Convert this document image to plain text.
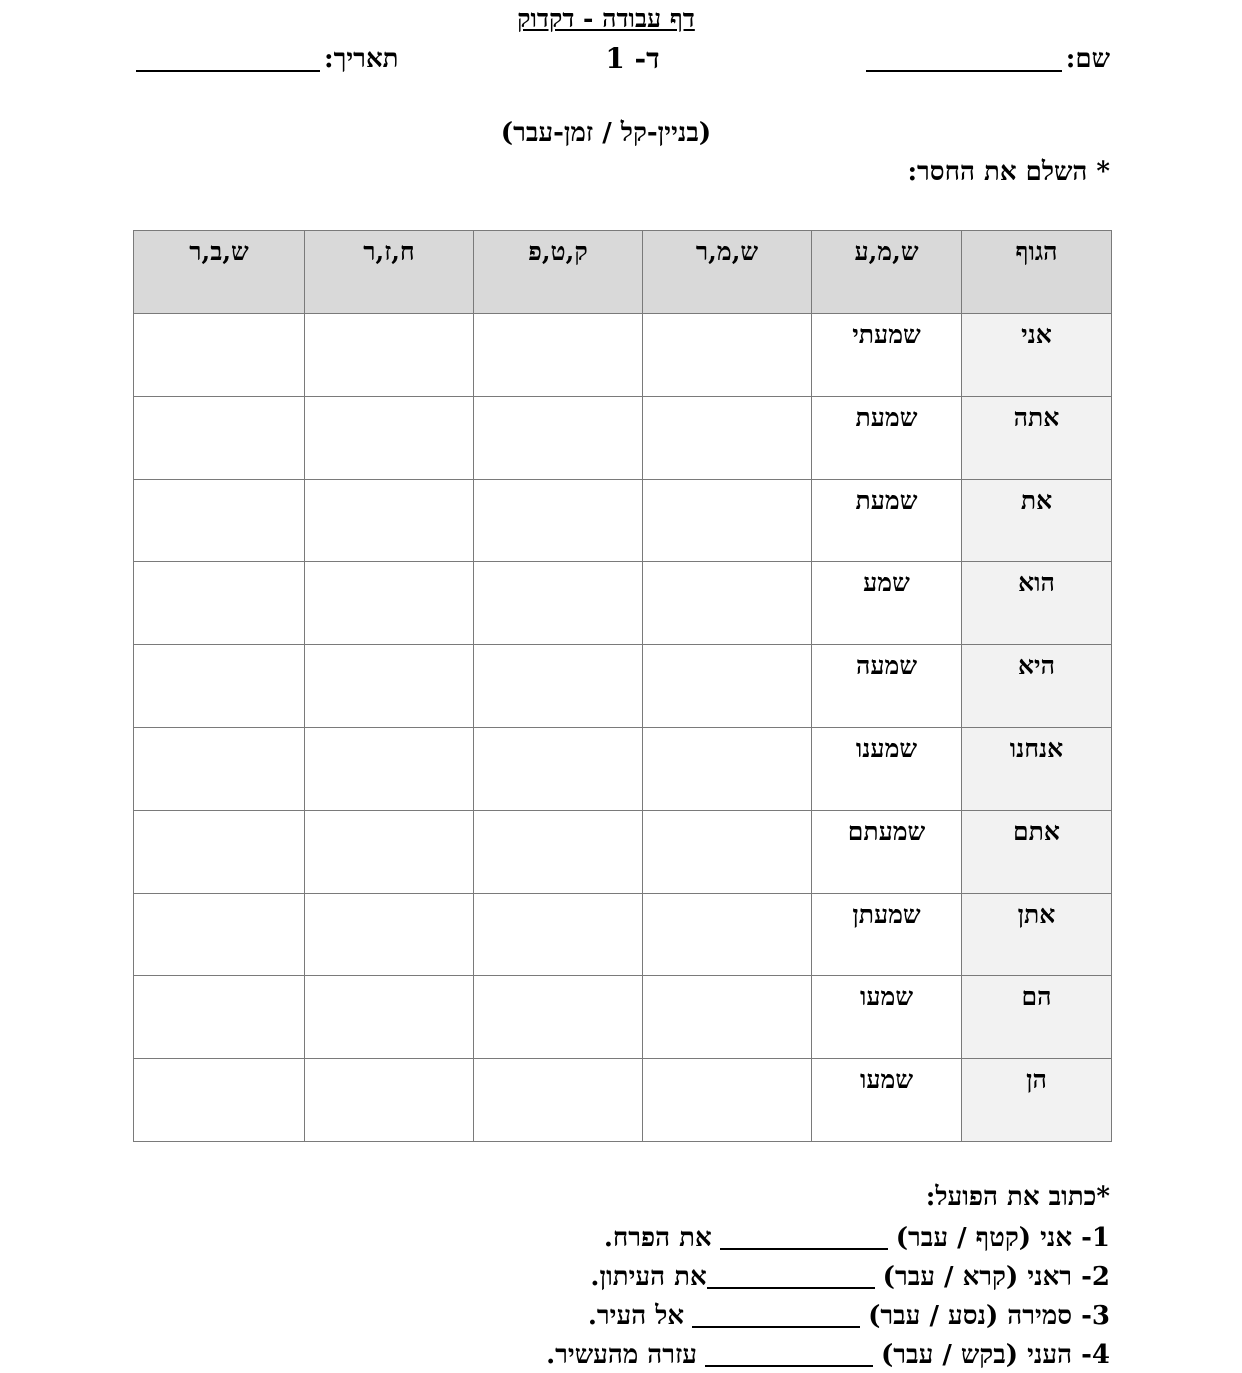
דף עבודה - דקדוק
שם:
ד- 1
תאריך:
(בניין-קל / זמן-עבר)
* השלם את החסר:
הגוף	ש,מ,ע	ש,מ,ר	ק,ט,פ	ח,ז,ר	ש,ב,ר
אני	שמעתי				
אתה	שמעת				
את	שמעת				
הוא	שמע				
היא	שמעה				
אנחנו	שמענו				
אתם	שמעתם				
אתן	שמעתן				
הם	שמעו				
הן	שמעו				
*כתוב את הפועל:
1- אני (קטף / עבר)
את הפרח.
2- ראני (קרא / עבר)
את העיתון.
3- סמירה (נסע / עבר)
אל העיר.
4- העני (בקש / עבר)
עזרה מהעשיר.
